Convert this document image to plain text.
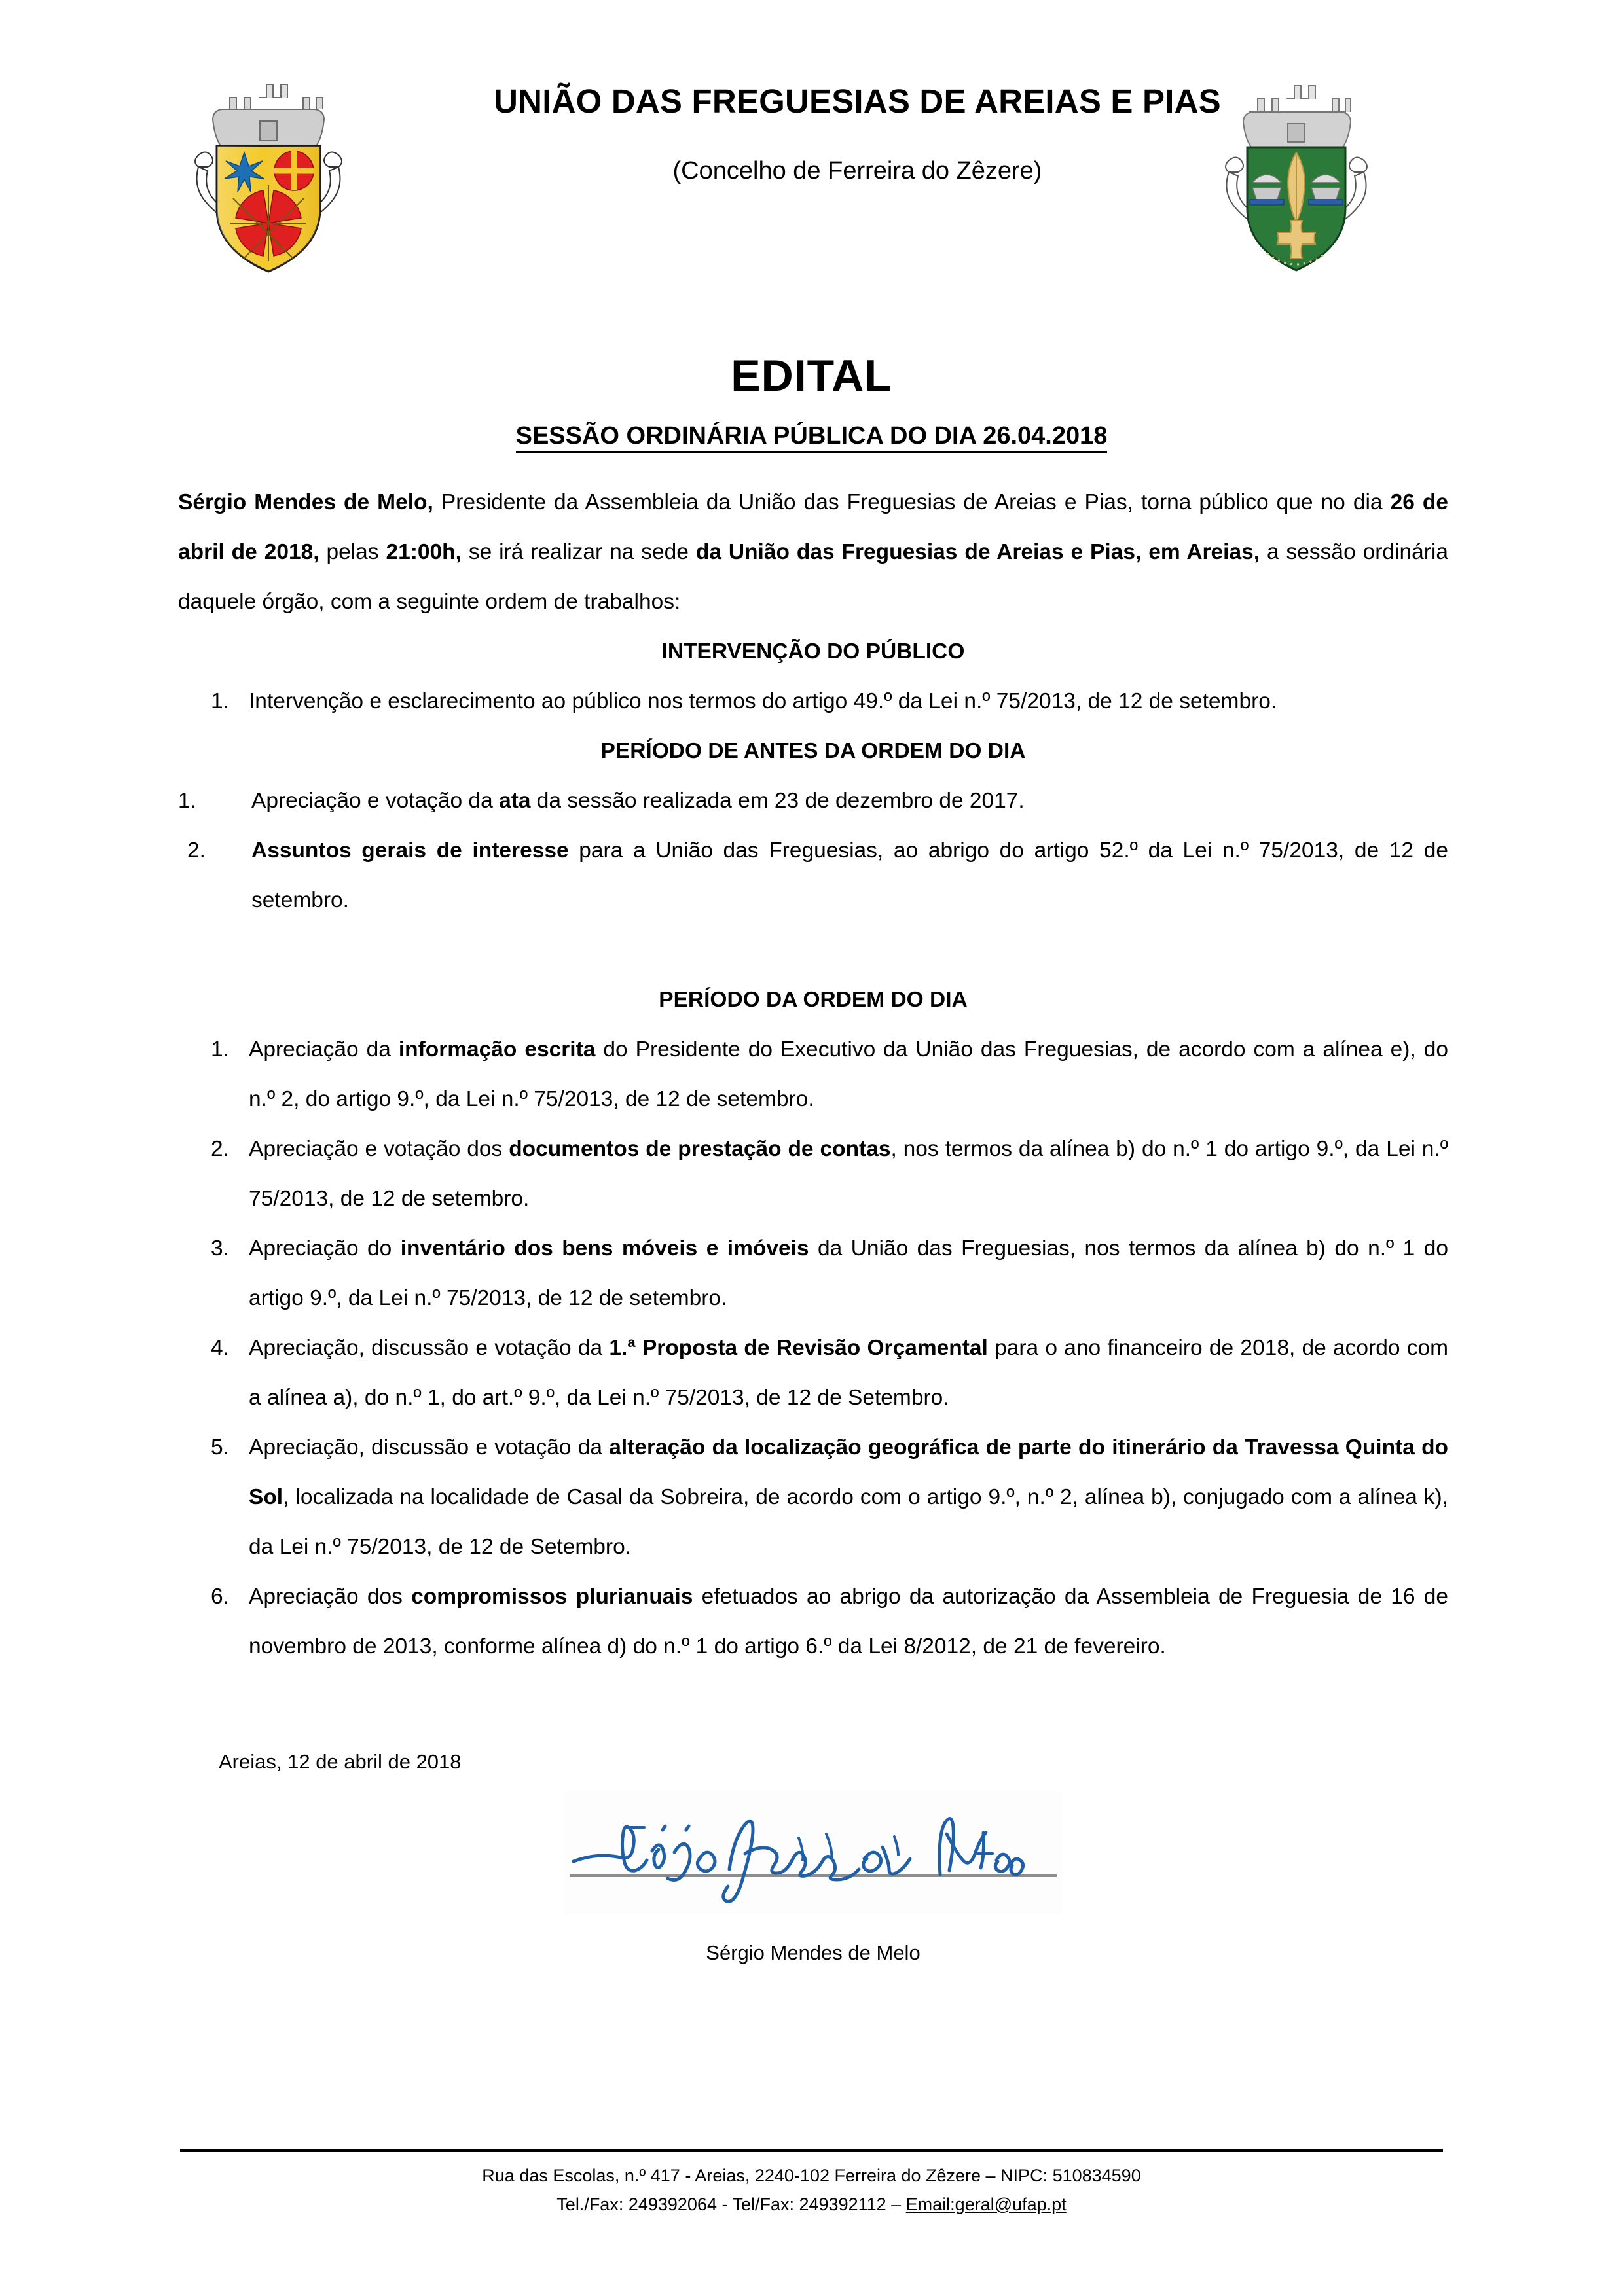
UNIÃO DAS FREGUESIAS DE AREIAS E PIAS
(Concelho de Ferreira do Zêzere)
EDITAL
SESSÃO ORDINÁRIA PÚBLICA DO DIA 26.04.2018

Sérgio Mendes de Melo, Presidente da Assembleia da União das Freguesias de Areias e Pias, torna público que no dia 26 de abril de 2018, pelas 21:00h, se irá realizar na sede da União das Freguesias de Areias e Pias, em Areias, a sessão ordinária daquele órgão, com a seguinte ordem de trabalhos:

INTERVENÇÃO DO PÚBLICO
1. Intervenção e esclarecimento ao público nos termos do artigo 49.º da Lei n.º 75/2013, de 12 de setembro.
PERÍODO DE ANTES DA ORDEM DO DIA
1.	Apreciação e votação da ata da sessão realizada em 23 de dezembro de 2017.
2.	Assuntos gerais de interesse para a União das Freguesias, ao abrigo do artigo 52.º da Lei n.º 75/2013, de 12 de setembro.
PERÍODO DA ORDEM DO DIA
1. Apreciação da informação escrita do Presidente do Executivo da União das Freguesias, de acordo com a alínea e), do n.º 2, do artigo 9.º, da Lei n.º 75/2013, de 12 de setembro.
2. Apreciação e votação dos documentos de prestação de contas, nos termos da alínea b) do n.º 1 do artigo 9.º, da Lei n.º 75/2013, de 12 de setembro.
3. Apreciação do inventário dos bens móveis e imóveis da União das Freguesias, nos termos da alínea b) do n.º 1 do artigo 9.º, da Lei n.º 75/2013, de 12 de setembro.
4. Apreciação, discussão e votação da 1.ª Proposta de Revisão Orçamental para o ano financeiro de 2018, de acordo com a alínea a), do n.º 1, do art.º 9.º, da Lei n.º 75/2013, de 12 de Setembro.
5. Apreciação, discussão e votação da alteração da localização geográfica de parte do itinerário da Travessa Quinta do Sol, localizada na localidade de Casal da Sobreira, de acordo com o artigo 9.º, n.º 2, alínea b), conjugado com a alínea k), da Lei n.º 75/2013, de 12 de Setembro.
6. Apreciação dos compromissos plurianuais efetuados ao abrigo da autorização da Assembleia de Freguesia de 16 de novembro de 2013, conforme alínea d) do n.º 1 do artigo 6.º da Lei 8/2012, de 21 de fevereiro.
Areias, 12 de abril de 2018
Sérgio Mendes de Melo
Rua das Escolas, n.º 417 - Areias, 2240-102 Ferreira do Zêzere – NIPC: 510834590
Tel./Fax: 249392064 - Tel/Fax: 249392112 – Email:geral@ufap.pt
